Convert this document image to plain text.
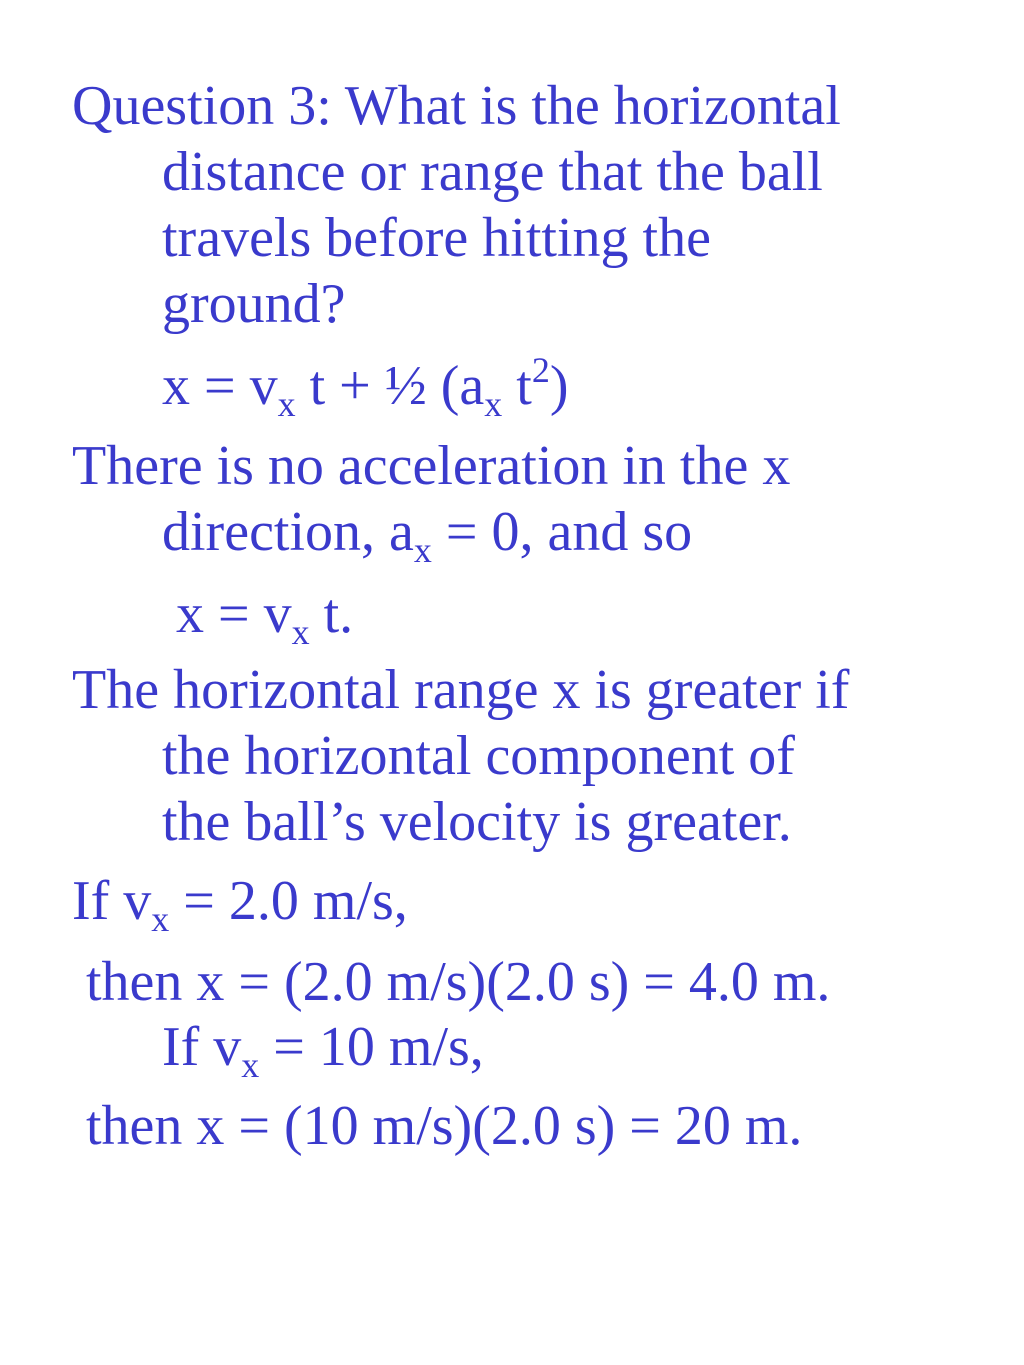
Question 3: What is the horizontal
distance or range that the ball
travels before hitting the
ground?
$x = v_x$ t + ½ ($a_x$ $t^2$)
There is no acceleration in the x
direction, $a_x = 0$, and so
$x = v_x$ t.
The horizontal range x is greater if
the horizontal component of
the ball’s velocity is greater.
If $v_x = 2.0$ m/s,
then x = (2.0 m/s)(2.0 s) = 4.0 m.
If $v_x = 10$ m/s,
then x = (10 m/s)(2.0 s) = 20 m.
